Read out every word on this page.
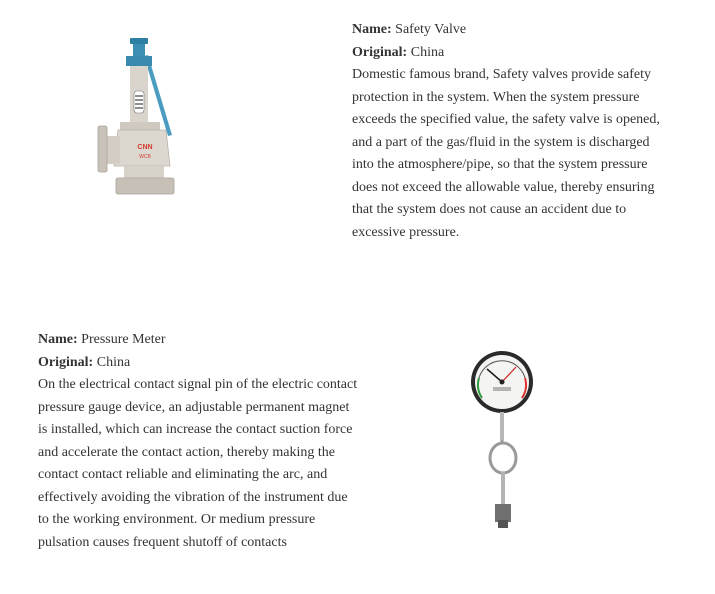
CNN
WCB

Name: Safety Valve

Original: China

Domestic famous brand, Safety valves provide safety protection in the system. When the system pressure exceeds the specified value, the safety valve is opened, and a part of the gas/fluid in the system is discharged into the atmosphere/pipe, so that the system pressure does not exceed the allowable value, thereby ensuring that the system does not cause an accident due to excessive pressure.

Name: Pressure Meter

Original: China

On the electrical contact signal pin of the electric contact pressure gauge device, an adjustable permanent magnet is installed, which can increase the contact suction force and accelerate the contact action, thereby making the contact contact reliable and eliminating the arc, and effectively avoiding the vibration of the instrument due to the working environment. Or medium pressure pulsation causes frequent shutoff of contacts
